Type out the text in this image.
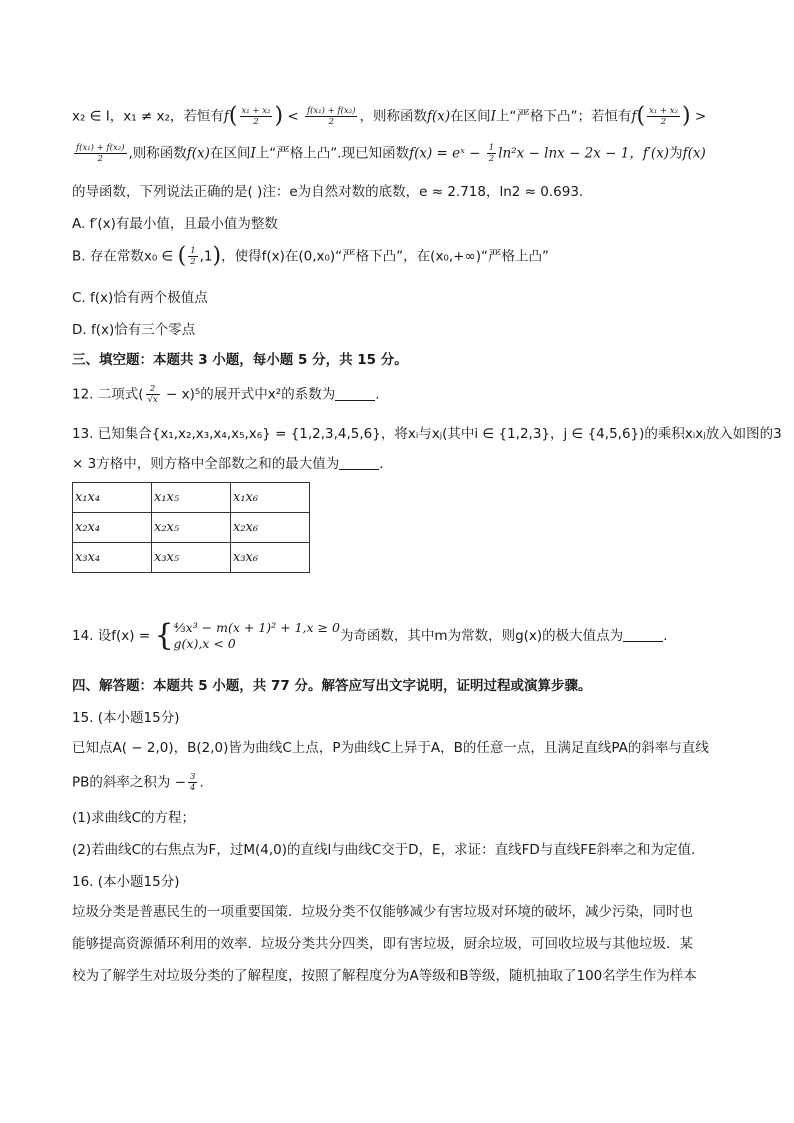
x₂ ∈ I，x₁ ≠ x₂，若恒有$f( \frac{\text{x₁ + x₂}}{2}$ ) < $\frac{\text{f(x₁) + f(x₂)}}{2}$ ，则称函数f(x)在区间I上“严格下凸”；若恒有$f( \frac{\text{x₁ + x₂}}{2}$ ) >
$\frac{\text{f(x₁) + f(x₂)}}{2}$ ,则称函数f(x)在区间I上“严格上凸”.现已知函数f(x) = eˣ − $\frac{1}{2} \ln^2x - \ln x - 2x - 1$，f′(x)为f(x)
的导函数，下列说法正确的是( )注：e为自然对数的底数，e ≈ 2.718，ln2 ≈ 0.693.
A. f′(x)有最小值，且最小值为整数
B. 存在常数x₀ ∈ ( $\frac{1}{2} ,1$)，使得f(x)在(0,x₀)“严格下凸”，在(x₀,+∞)“严格上凸”
C. f(x)恰有两个极值点
D. f(x)恰有三个零点
三、填空题：本题共 3 小题，每小题 5 分，共 15 分。
12. 二项式( $\frac{2}{√x} - x)^5$的展开式中x²的系数为	.
13. 已知集合{x₁,x₂,x₃,x₄,x₅,x₆} = {1,2,3,4,5,6}，将xᵢ与xⱼ(其中i ∈ {1,2,3}，j ∈ {4,5,6})的乘积xᵢxⱼ放入如图的3
× 3方格中，则方格中全部数之和的最大值为	.
x₁x₄	x₁x₅	x₁x₆
x₂x₄	x₂x₅	x₂x₆
x₃x₄	x₃x₅	x₃x₆
14. 设f(x) = { ⁴⁄₃x³ − m(x + 1)² + 1,x ≥ 0
g(x),x < 0	为奇函数，其中m为常数，则g(x)的极大值点为	.
四、解答题：本题共 5 小题，共 77 分。解答应写出文字说明，证明过程或演算步骤。
15. (本小题15分)
已知点A( − 2,0)，B(2,0)皆为曲线C上点，P为曲线C上异于A，B的任意一点，且满足直线PA的斜率与直线
PB的斜率之积为 − $\frac{3}{4}$ .
(1)求曲线C的方程；
(2)若曲线C的右焦点为F，过M(4,0)的直线l与曲线C交于D，E，求证：直线FD与直线FE斜率之和为定值.
16. (本小题15分)
垃圾分类是普惠民生的一项重要国策．垃圾分类不仅能够减少有害垃圾对环境的破坏，减少污染，同时也
能够提高资源循环利用的效率．垃圾分类共分四类，即有害垃圾，厨余垃圾，可回收垃圾与其他垃圾．某
校为了解学生对垃圾分类的了解程度，按照了解程度分为A等级和B等级，随机抽取了100名学生作为样本
